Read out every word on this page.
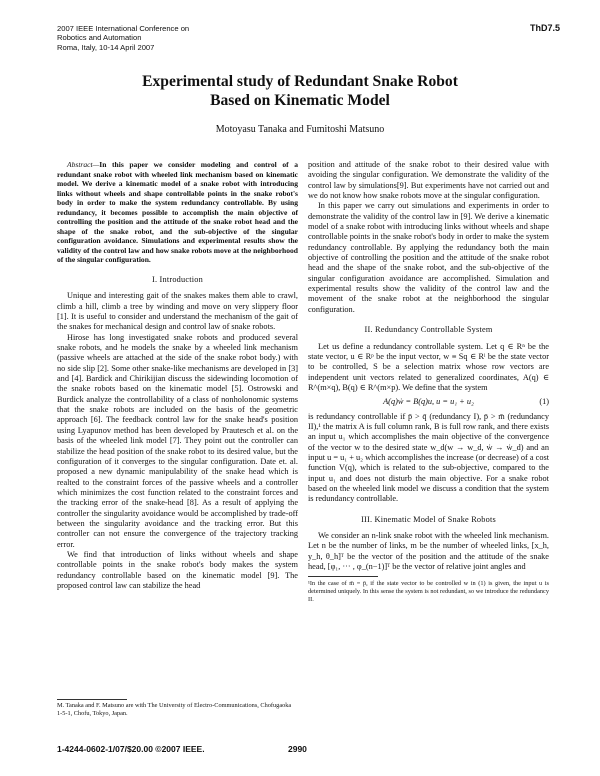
2007 IEEE International Conference on
Robotics and Automation
Roma, Italy, 10-14 April 2007
ThD7.5
Experimental study of Redundant Snake Robot
Based on Kinematic Model
Motoyasu Tanaka and Fumitoshi Matsuno

Abstract—In this paper we consider modeling and control of a redundant snake robot with wheeled link mechanism based on kinematic model. We derive a kinematic model of a snake robot with introducing links without wheels and shape controllable points in the snake robot's body in order to make the system redundancy controllable. By using redundancy, it becomes possible to accomplish the main objective of controlling the position and the attitude of the snake robot head and the shape of the snake robot, and the sub-objective of the singular configuration avoidance. Simulations and experimental results show the validity of the control law and how snake robots move at the neighborhood of the singular configuration.

I. Introduction

Unique and interesting gait of the snakes makes them able to crawl, climb a hill, climb a tree by winding and move on very slippery floor [1]. It is useful to consider and understand the mechanism of the gait of the snakes for mechanical design and control law of snake robots.

Hirose has long investigated snake robots and produced several snake robots, and he models the snake by a wheeled link mechanism (passive wheels are attached at the side of the snake robot body.) with no side slip [2]. Some other snake-like mechanisms are developed in [3] and [4]. Bardick and Chirikijian discuss the sidewinding locomotion of the snake robots based on the kinematic model [5]. Ostrowski and Burdick analyze the controllability of a class of nonholonomic systems that the snake robots are included on the basis of the geometric approach [6]. The feedback control law for the snake head's position using Lyapunov method has been developed by Prautesch et al. on the basis of the wheeled link model [7]. They point out the controller can stabilize the head position of the snake robot to its desired value, but the configuration of it converges to the singular configuration. Date et. al. proposed a new dynamic manipulability of the snake head which is realted to the constraint forces of the passive wheels and a controller which minimizes the cost function related to the constraint forces and the tracking error of the snake-head [8]. As a result of applying the controller the singularity avoidance would be accomplished by trade-off between the singularity avoidance and the tracking error. But this controller can not ensure the convergence of the trajectory tracking error.

We find that introduction of links without wheels and shape controllable points in the snake robot's body makes the system redundancy controllable based on the kinematic model [9]. The proposed control law can stabilize the head

M. Tanaka and F. Matsuno are with The University of Electro-Communications, Chofugaoka 1-5-1, Chofu, Tokyo, Japan.

position and attitude of the snake robot to their desired value with avoiding the singular configuration. We demonstrate the validity of the control law by simulations[9]. But experiments have not carried out and we do not know how snake robots move at the singular configuration.

In this paper we carry out simulations and experiments in order to demonstrate the validity of the control law in [9]. We derive a kinematic model of a snake robot with introducing links without wheels and shape controllable points in the snake robot's body in order to make the system redundancy controllable. By applying the redundancy both the main objective of controlling the position and the attitude of the snake robot head and the shape of the snake robot, and the sub-objective of the singular configuration avoidance are accomplished. Simulation and experimental results show the validity of the control law and the movement of the snake robot at the neighborhood the singular configuration.

II. Redundancy Controllable System

Let us define a redundancy controllable system. Let q ∈ Rⁿ be the state vector, u ∈ Rᵖ be the input vector, w ≡ Sq ∈ Rˡ be the state vector to be controlled, S be a selection matrix whose row vectors are independent unit vectors related to generalized coordinates, A(q) ∈ R^(m×q), B(q) ∈ R^(m×p). We define that the system

A(q)ẇ = B(q)u, u = u₁ + u₂	(1)

is redundancy controllable if p̄ > q̄ (redundancy I), p̄ > m̄ (redundancy II),¹ the matrix A is full column rank, B is full row rank, and there exists an input u₁ which accomplishes the main objective of the convergence of the vector w to the desired state w_d(w → w_d, ẇ → ẇ_d) and an input u = u₁ + u₂ which accomplishes the increase (or decrease) of a cost function V(q), which is related to the sub-objective, compared to the input u₁ and does not disturb the main objective. For a snake robot based on the wheeled link model we discuss a condition that the system is redundancy controllable.

III. Kinematic Model of Snake Robots

We consider an n-link snake robot with the wheeled link mechanism. Let n be the number of links, m be the number of wheeled links, [x_h, y_h, θ_h]ᵀ be the vector of the position and the attitude of the snake head, [φ₁, ··· , φ_(n−1)]ᵀ be the vector of relative joint angles and

¹In the case of m̄ = p̄, if the state vector to be controlled w in (1) is given, the input u is determined uniquely. In this sense the system is not redundant, so we introduce the redundancy II.

1-4244-0602-1/07/$20.00 ©2007 IEEE.	2990
